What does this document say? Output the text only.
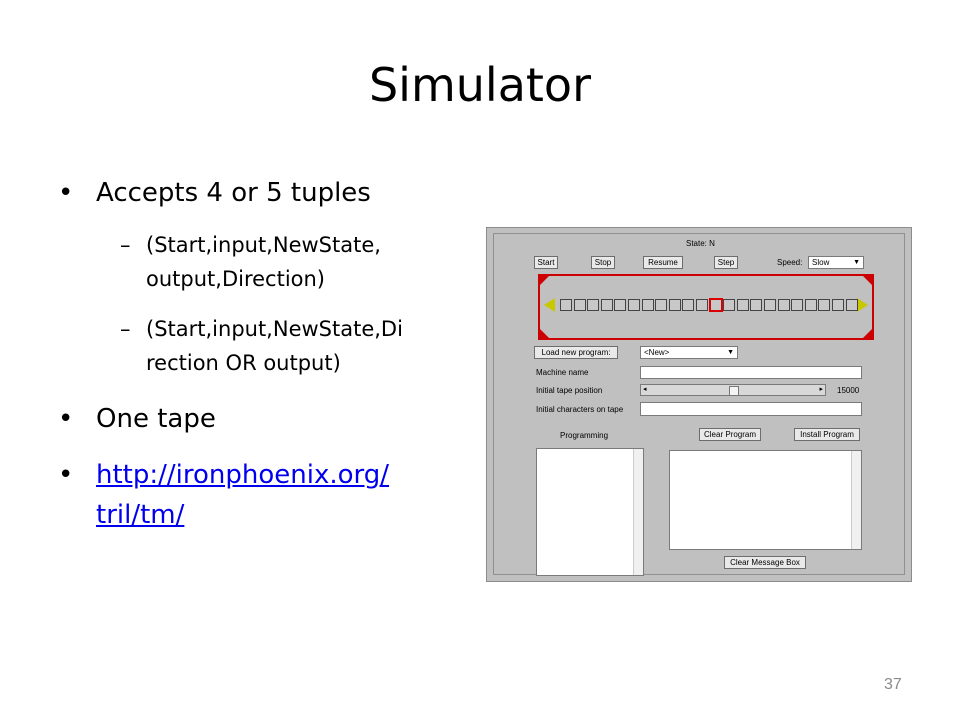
Simulator
• Accepts 4 or 5 tuples
– (Start,input,NewState,
output,Direction)
– (Start,input,NewState,Di
rection OR output)
• One tape
• http://ironphoenix.org/
tril/tm/
State: N
Start	Stop	Resume	Step	Speed:	Slow	▼
Load new program:	<New>	▼
Machine name
Initial tape position	◂	▸ 15000
Initial characters on tape
Programming	Clear Program	Install Program
Clear Message Box
37
